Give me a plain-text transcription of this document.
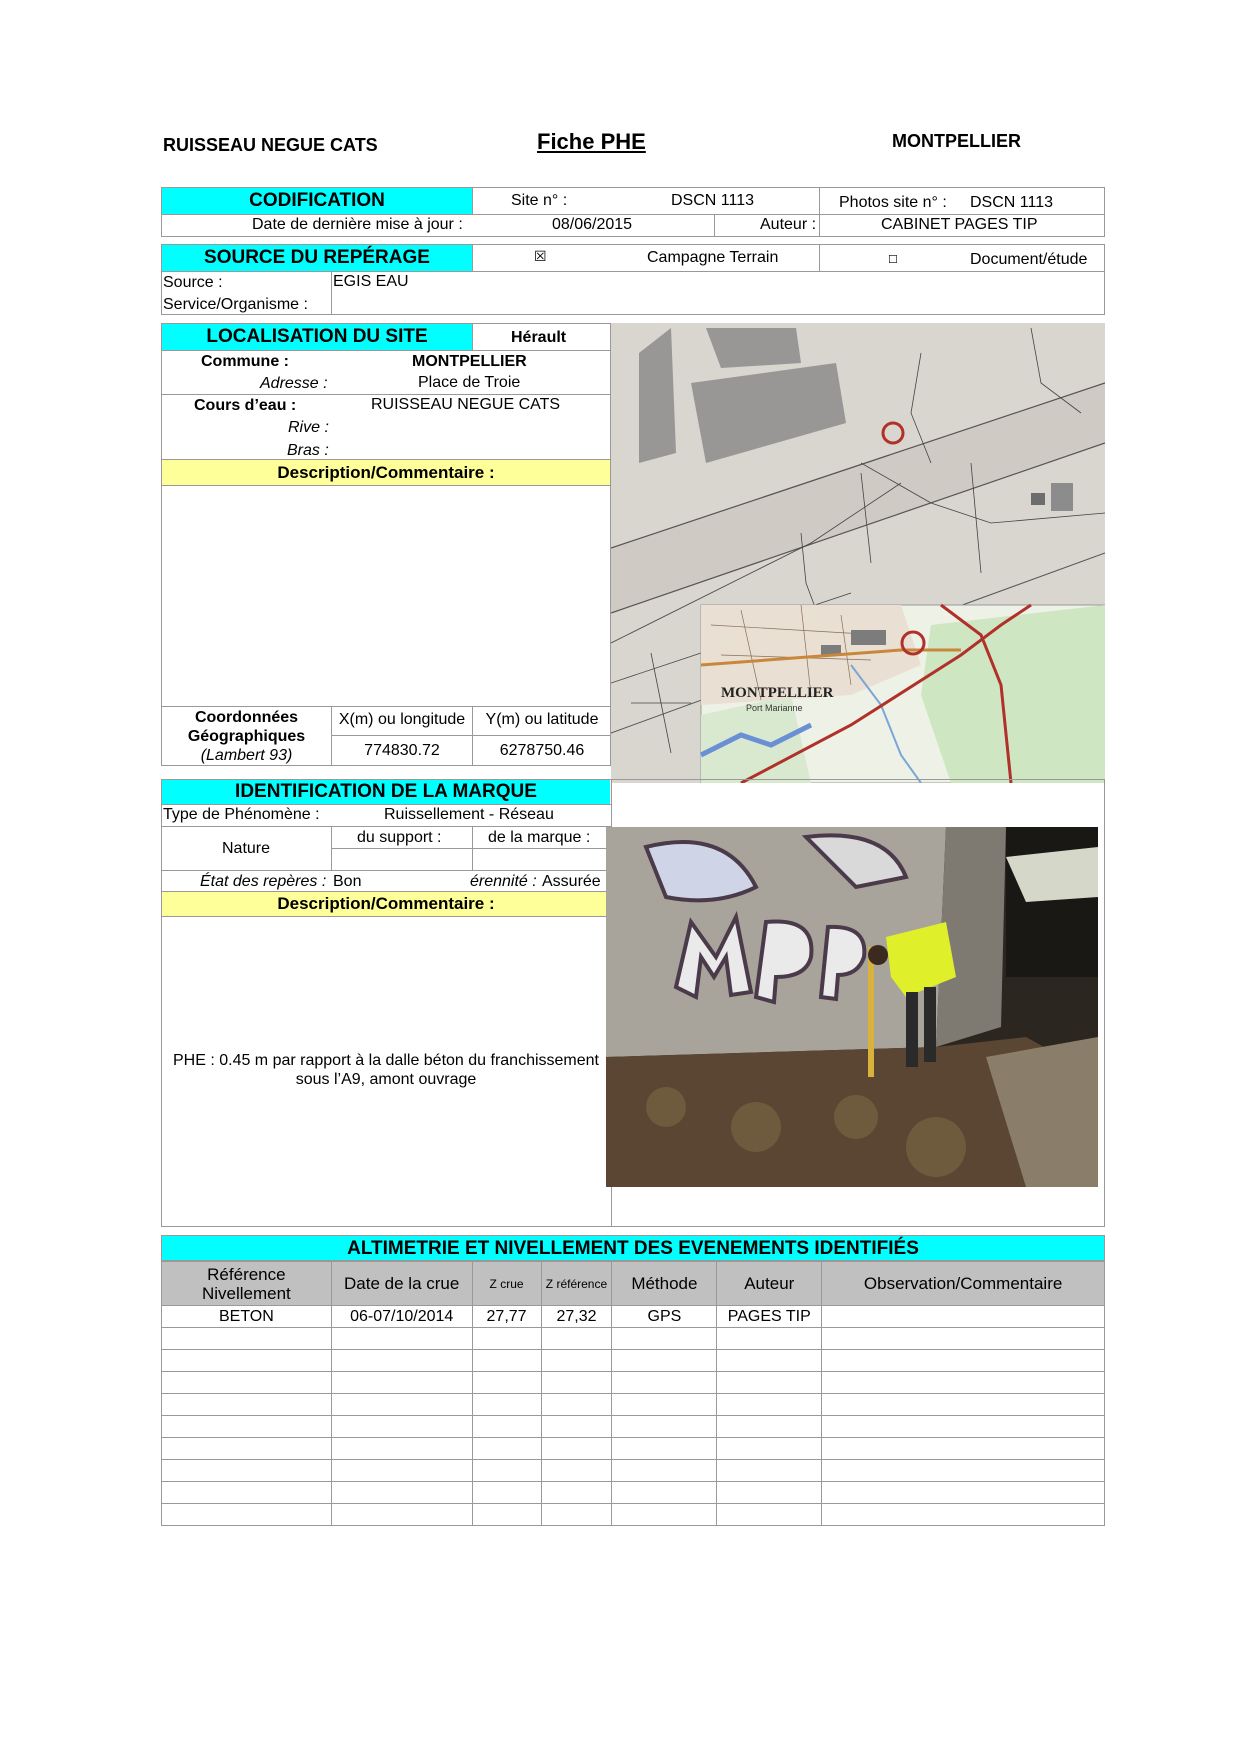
RUISSEAU NEGUE CATS	Fiche PHE	MONTPELLIER
CODIFICATION	Site n° :	DSCN 1113	Photos site n° : DSCN 1113
Date de dernière mise à jour :	08/06/2015	Auteur :	CABINET PAGES TIP
SOURCE DU REPÉRAGE	☒	Campagne Terrain	☐	Document/étude
Source :	EGIS EAU
Service/Organisme :
LOCALISATION DU SITE	Hérault
Commune :	MONTPELLIER
Adresse :	Place de Troie
Cours d’eau :	RUISSEAU NEGUE CATS
Rive :
Bras :
Description/Commentaire :
Coordonnées
Géographiques
(Lambert 93)
X(m) ou longitude	Y(m) ou latitude
774830.72	6278750.46
MONTPELLIER
Port Marianne
IDENTIFICATION DE LA MARQUE
Type de Phénomène :	Ruissellement - Réseau
Nature
du support :	de la marque :
État des repères : Bon	érennité : Assurée
Description/Commentaire :
PHE : 0.45 m par rapport à la dalle béton du franchissement
sous l’A9, amont ouvrage
ALTIMETRIE ET NIVELLEMENT DES EVENEMENTS IDENTIFIÉS
Référence Nivellement	Date de la crue	Z crue	Z référence	Méthode	Auteur	Observation/Commentaire
BETON	06-07/10/2014	27,77	27,32	GPS	PAGES TIP	
